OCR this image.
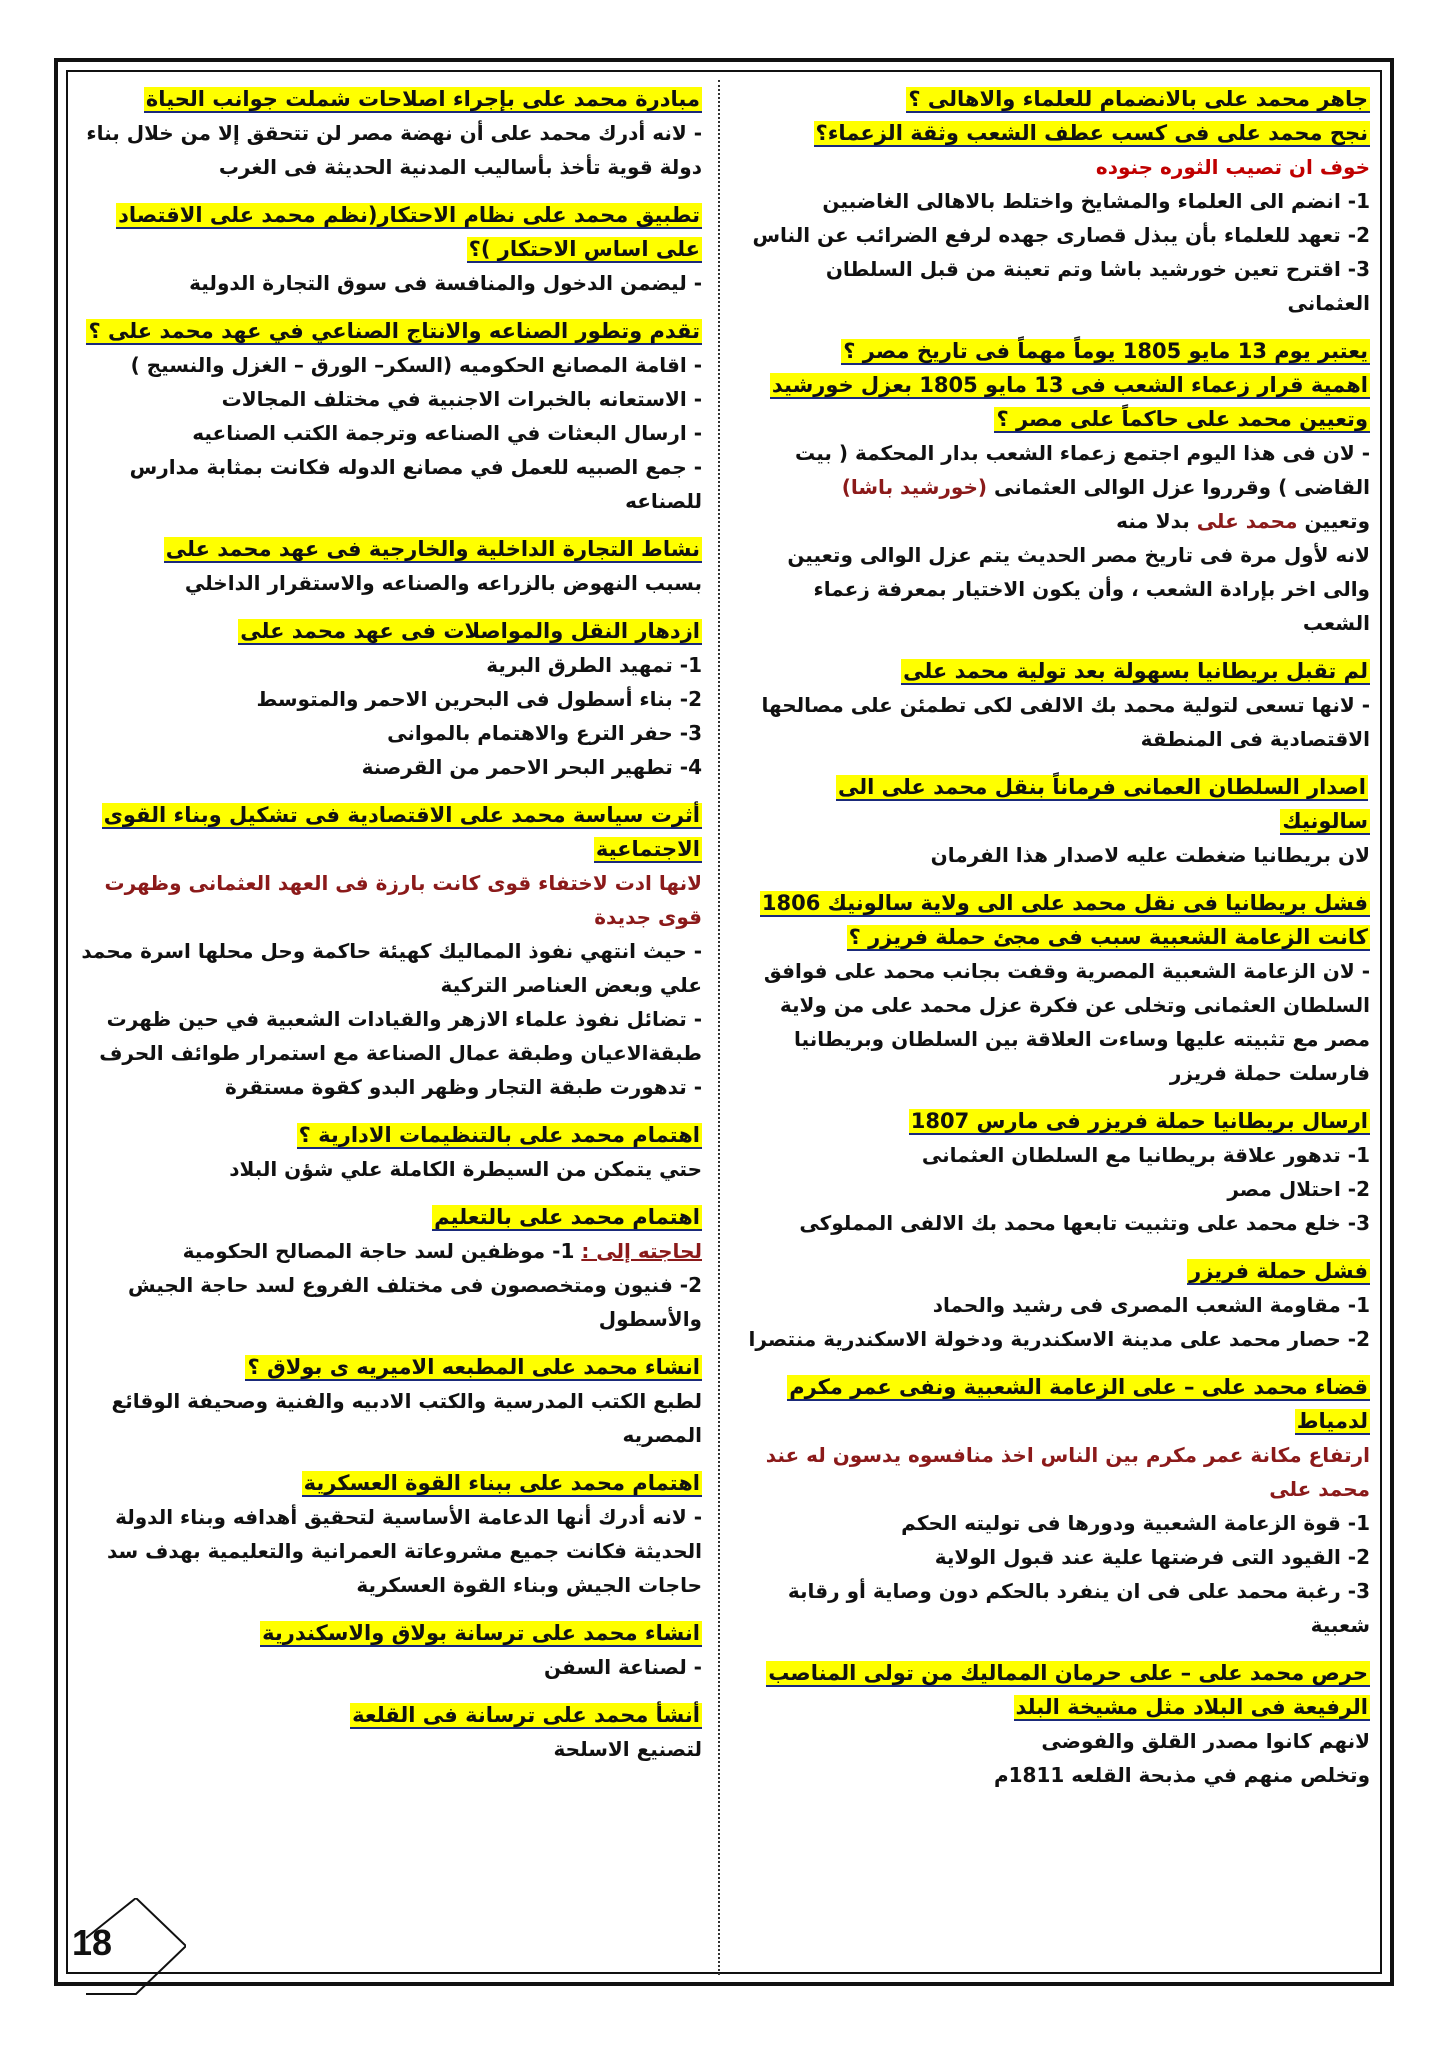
جاهر محمد على بالانضمام للعلماء والاهالى ؟
نجح محمد على فى كسب عطف الشعب وثقة الزعماء؟
خوف ان تصيب الثوره جنوده
1- انضم الى العلماء والمشايخ واختلط بالاهالى الغاضبين
2- تعهد للعلماء بأن يبذل قصارى جهده لرفع الضرائب عن الناس
3- اقترح تعين خورشيد باشا وتم تعينة من قبل السلطان العثمانى
يعتبر يوم 13 مايو 1805 يوماً مهماً فى تاريخ مصر ؟
اهمية قرار زعماء الشعب فى 13 مايو 1805 بعزل خورشيد وتعيين محمد على حاكماً على مصر ؟
- لان فى هذا اليوم اجتمع زعماء الشعب بدار المحكمة ( بيت القاضى ) وقرروا عزل الوالى العثمانى (خورشيد باشا)
وتعيين محمد على بدلا منه
لانه لأول مرة فى تاريخ مصر الحديث يتم عزل الوالى وتعيين والى اخر بإرادة الشعب ، وأن يكون الاختيار بمعرفة زعماء الشعب
لم تقبل بريطانيا بسهولة بعد تولية محمد على
- لانها تسعى لتولية محمد بك الالفى لكى تطمئن على مصالحها الاقتصادية فى المنطقة
اصدار السلطان العمانى فرماناً بنقل محمد على الى سالونيك
لان بريطانيا ضغطت عليه لاصدار هذا الفرمان
فشل بريطانيا فى نقل محمد على الى ولاية سالونيك 1806
كانت الزعامة الشعبية سبب فى مجئ حملة فريزر ؟
- لان الزعامة الشعبية المصرية وقفت بجانب محمد على فوافق السلطان العثمانى وتخلى عن فكرة عزل محمد على من ولاية مصر مع تثبيته عليها وساءت العلاقة بين السلطان وبريطانيا فارسلت حملة فريزر
ارسال بريطانيا حملة فريزر فى مارس 1807
1- تدهور علاقة بريطانيا مع السلطان العثمانى
2- احتلال مصر
3- خلع محمد على وتثبيت تابعها محمد بك الالفى المملوكى
فشل حملة فريزر
1- مقاومة الشعب المصرى فى رشيد والحماد
2- حصار محمد على مدينة الاسكندرية ودخولة الاسكندرية منتصرا
قضاء محمد على – على الزعامة الشعبية ونفى عمر مكرم لدمياط
ارتفاع مكانة عمر مكرم بين الناس اخذ منافسوه يدسون له عند محمد على
1- قوة الزعامة الشعبية ودورها فى توليته الحكم
2- القيود التى فرضتها علية عند قبول الولاية
3- رغبة محمد على فى ان ينفرد بالحكم دون وصاية أو رقابة شعبية
حرص محمد على – على حرمان المماليك من تولى المناصب الرفيعة فى البلاد مثل مشيخة البلد
لانهم كانوا مصدر القلق والفوضى
وتخلص منهم في مذبحة القلعه 1811م
مبادرة محمد على بإجراء اصلاحات شملت جوانب الحياة
- لانه أدرك محمد على أن نهضة مصر لن تتحقق إلا من خلال بناء دولة قوية تأخذ بأساليب المدنية الحديثة فى الغرب
تطبيق محمد على نظام الاحتكار(نظم محمد على الاقتصاد على اساس الاحتكار )؟
- ليضمن الدخول والمنافسة فى سوق التجارة الدولية
تقدم وتطور الصناعه والانتاج الصناعي في عهد محمد على ؟
- اقامة المصانع الحكوميه (السكر– الورق – الغزل والنسيج )
- الاستعانه بالخبرات الاجنبية في مختلف المجالات
- ارسال البعثات في الصناعه وترجمة الكتب الصناعيه
- جمع الصبيه للعمل في مصانع الدوله فكانت بمثابة مدارس للصناعه
نشاط التجارة الداخلية والخارجية فى عهد محمد على
بسبب النهوض بالزراعه والصناعه والاستقرار الداخلي
ازدهار النقل والمواصلات فى عهد محمد على
1- تمهيد الطرق البرية
2- بناء أسطول فى البحرين الاحمر والمتوسط
3- حفر الترع والاهتمام بالموانى
4- تطهير البحر الاحمر من القرصنة
أثرت سياسة محمد على الاقتصادية فى تشكيل وبناء القوى الاجتماعية
لانها ادت لاختفاء قوى كانت بارزة فى العهد العثمانى وظهرت قوى جديدة
- حيث انتهي نفوذ المماليك كهيئة حاكمة وحل محلها اسرة محمد علي وبعض العناصر التركية
- تضائل نفوذ علماء الازهر والقيادات الشعبية في حين ظهرت طبقةالاعيان وطبقة عمال الصناعة مع استمرار طوائف الحرف
- تدهورت طبقة التجار وظهر البدو كقوة مستقرة
اهتمام محمد على بالتنظيمات الادارية ؟
حتي يتمكن من السيطرة الكاملة علي شؤن البلاد
اهتمام محمد على بالتعليم
لحاجته إلى : 1- موظفين لسد حاجة المصالح الحكومية
2- فنيون ومتخصصون فى مختلف الفروع لسد حاجة الجيش والأسطول
انشاء محمد على المطبعه الاميريه ى بولاق ؟
لطبع الكتب المدرسية والكتب الادبيه والفنية وصحيفة الوقائع المصريه
اهتمام محمد على ببناء القوة العسكرية
- لانه أدرك أنها الدعامة الأساسية لتحقيق أهدافه وبناء الدولة الحديثة فكانت جميع مشروعاتة العمرانية والتعليمية بهدف سد حاجات الجيش وبناء القوة العسكرية
انشاء محمد على ترسانة بولاق والاسكندرية
- لصناعة السفن
أنشأ محمد على ترسانة فى القلعة
لتصنيع الاسلحة
18
